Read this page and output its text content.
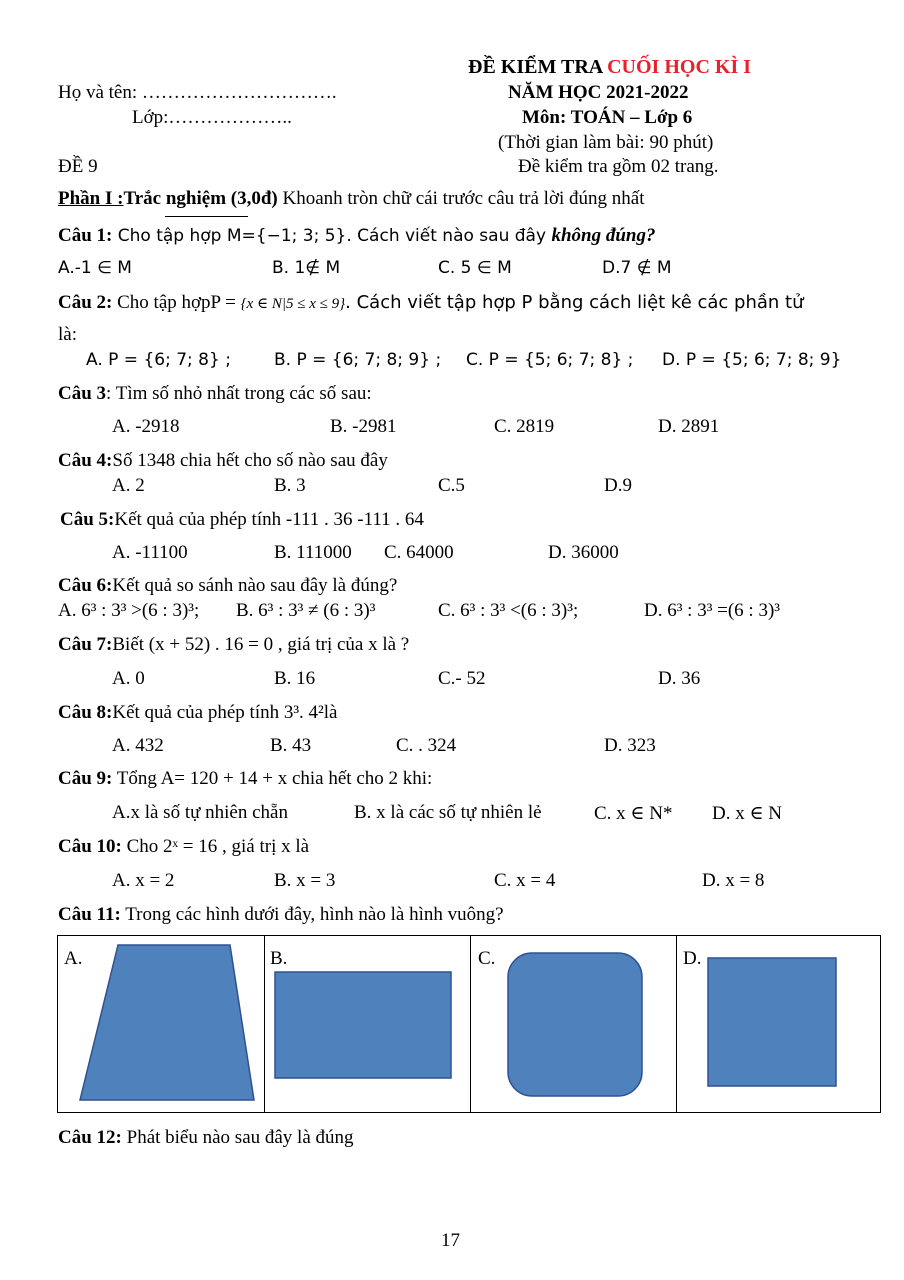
ĐỀ KIỂM TRA CUỐI HỌC KÌ I
Họ và tên: ………………………….	NĂM HỌC 2021-2022
Lớp:………………..	Môn: TOÁN – Lớp 6
(Thời gian làm bài: 90 phút)
ĐỀ 9	Đề kiểm tra gồm 02 trang.
Phần I :Trắc nghiệm (3,0đ) Khoanh tròn chữ cái trước câu trả lời đúng nhất
Câu 1: Cho tập hợp M={−1; 3; 5}. Cách viết nào sau đây không đúng?
A.-1 ∈ M	B. 1∉ M	C. 5 ∈ M	D.7 ∉ M
Câu 2: Cho tập hợpP = {x ∈ N|5 ≤ x ≤ 9}. Cách viết tập hợp P bằng cách liệt kê các phần tử
là:
A. P = {6; 7; 8} ;	B. P = {6; 7; 8; 9} ; C. P = {5; 6; 7; 8} ; D. P = {5; 6; 7; 8; 9}
Câu 3: Tìm số nhỏ nhất trong các số sau:
A. -2918	B. -2981	C. 2819	D. 2891
Câu 4:Số 1348 chia hết cho số nào sau đây
A. 2	B. 3	C.5	D.9
Câu 5:Kết quả của phép tính -111 . 36 -111 . 64
A. -11100	B. 111000 C. 64000	D. 36000
Câu 6:Kết quả so sánh nào sau đây là đúng?
A. 6³ : 3³ >(6 : 3)³; B. 6³ : 3³ ≠ (6 : 3)³	C. 6³ : 3³ <(6 : 3)³;	D. 6³ : 3³ =(6 : 3)³
Câu 7:Biết (x + 52) . 16 = 0 , giá trị của x là ?
A. 0	B. 16	C.- 52	D. 36
Câu 8:Kết quả của phép tính 3³. 4²là
A. 432	B. 43	C. . 324	D. 323
Câu 9: Tổng A= 120 + 14 + x chia hết cho 2 khi:
A.x là số tự nhiên chẵn	B. x là các số tự nhiên lẻ	C. x ∈ N* D. x ∈ N
Câu 10: Cho 2ˣ = 16 , giá trị x là
A. x = 2	B. x = 3	C. x = 4	D. x = 8
Câu 11: Trong các hình dưới đây, hình nào là hình vuông?
A.	B.	C.	D.
Câu 12: Phát biểu nào sau đây là đúng
17
